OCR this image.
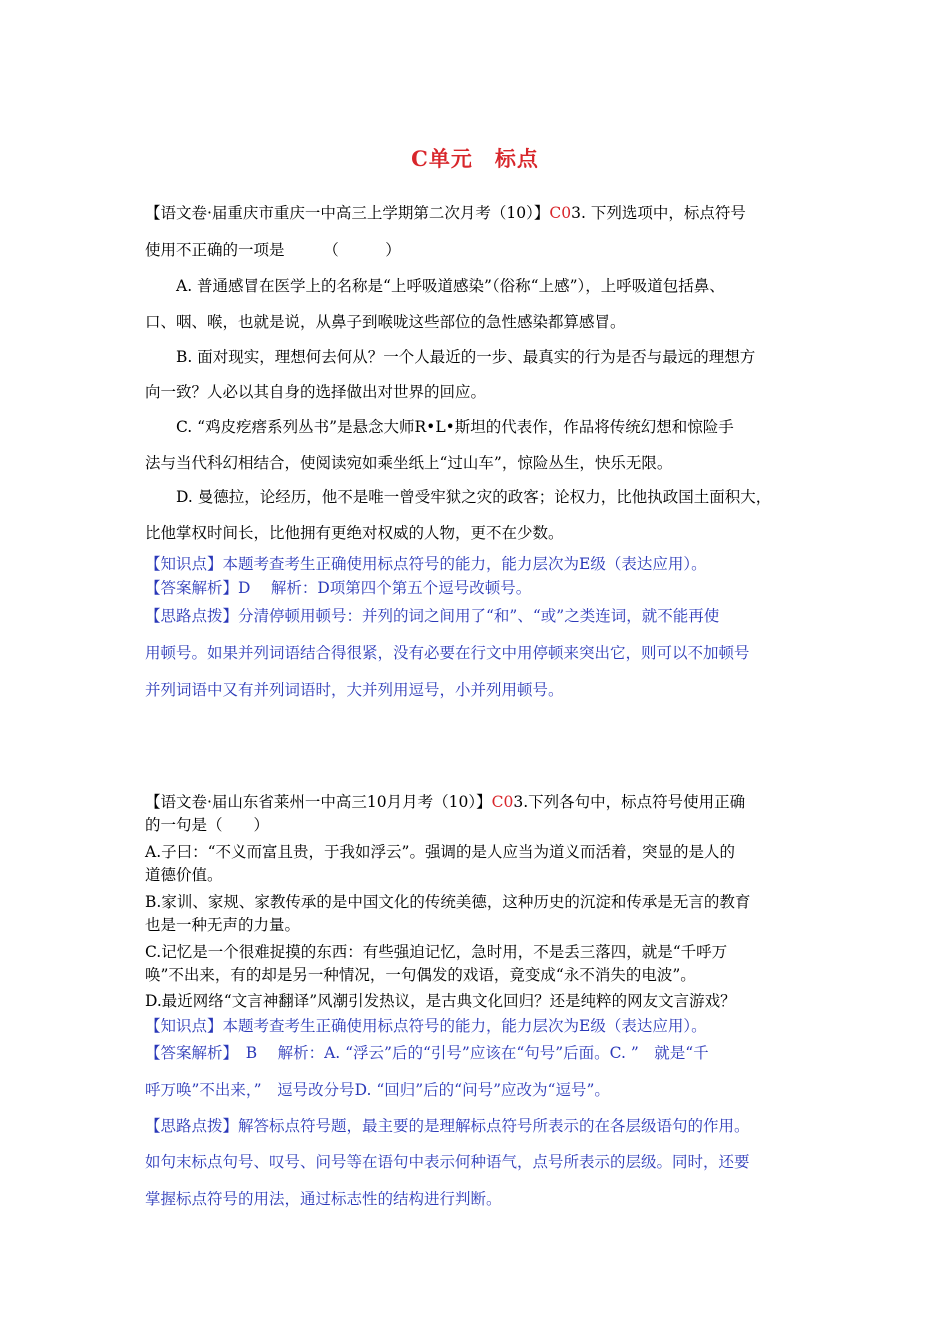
C单元　标点
【语文卷·届重庆市重庆一中高三上学期第二次月考（10）】C03. 下列选项中，标点符号
使用不正确的一项是　　　（　　　）
A. 普通感冒在医学上的名称是“上呼吸道感染”（俗称“上感”），上呼吸道包括鼻、
口、咽、喉，也就是说，从鼻子到喉咙这些部位的急性感染都算感冒。
B. 面对现实，理想何去何从？一个人最近的一步、最真实的行为是否与最远的理想方
向一致？人必以其自身的选择做出对世界的回应。
C. “鸡皮疙瘩系列丛书”是悬念大师R•L•斯坦的代表作，作品将传统幻想和惊险手
法与当代科幻相结合，使阅读宛如乘坐纸上“过山车”，惊险丛生，快乐无限。
D. 曼德拉，论经历，他不是唯一曾受牢狱之灾的政客；论权力，比他执政国土面积大，
比他掌权时间长，比他拥有更绝对权威的人物，更不在少数。
【知识点】本题考查考生正确使用标点符号的能力，能力层次为E级（表达应用）。
【答案解析】D　 解析：D项第四个第五个逗号改顿号。
【思路点拨】分清停顿用顿号：并列的词之间用了“和”、“或”之类连词，就不能再使
用顿号。如果并列词语结合得很紧，没有必要在行文中用停顿来突出它，则可以不加顿号
并列词语中又有并列词语时，大并列用逗号，小并列用顿号。
【语文卷·届山东省莱州一中高三10月月考（10）】C03.下列各句中，标点符号使用正确
的一句是（　　）
A.子曰：“不义而富且贵，于我如浮云”。强调的是人应当为道义而活着，突显的是人的
道德价值。
B.家训、家规、家教传承的是中国文化的传统美德，这种历史的沉淀和传承是无言的教育
也是一种无声的力量。
C.记忆是一个很难捉摸的东西：有些强迫记忆，急时用，不是丢三落四，就是“千呼万
唤”不出来，有的却是另一种情况，一句偶发的戏语，竟变成“永不消失的电波”。
D.最近网络“文言神翻译”风潮引发热议，是古典文化回归？还是纯粹的网友文言游戏？
【知识点】本题考查考生正确使用标点符号的能力，能力层次为E级（表达应用）。
【答案解析】　B　 解析：A. “浮云”后的“引号”应该在“句号”后面。C. ”　就是“千
呼万唤”不出来，”　逗号改分号D. “回归”后的“问号”应改为“逗号”。
【思路点拨】解答标点符号题，最主要的是理解标点符号所表示的在各层级语句的作用。
如句末标点句号、叹号、问号等在语句中表示何种语气，点号所表示的层级。同时，还要
掌握标点符号的用法，通过标志性的结构进行判断。
